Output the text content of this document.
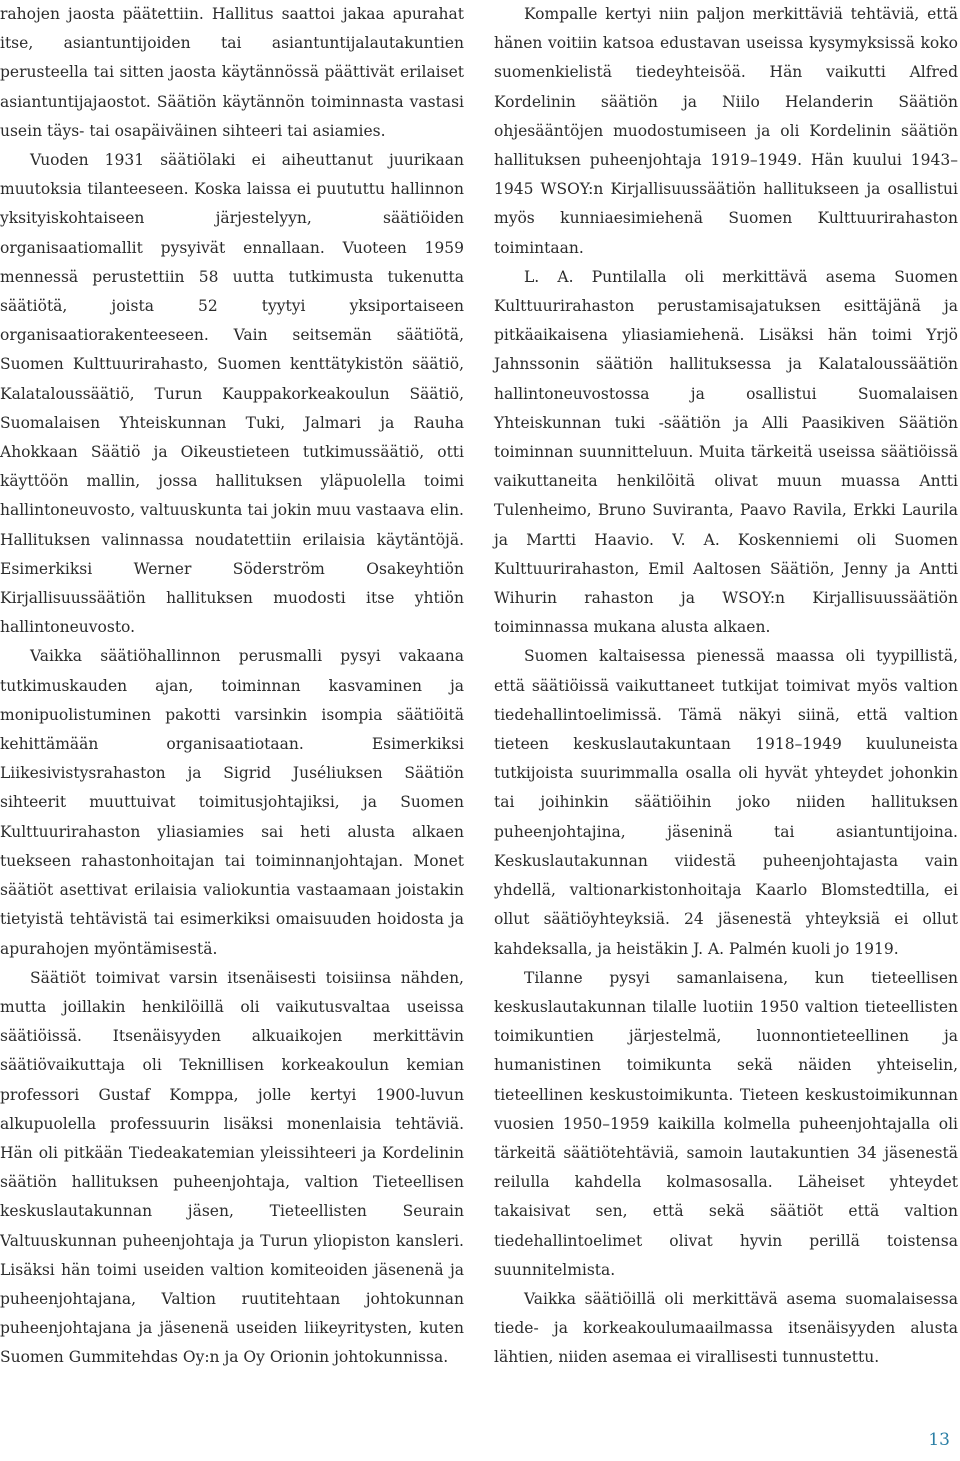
rahojen jaosta päätettiin. Hallitus saattoi jakaa apurahat itse, asiantuntijoiden tai asiantuntijalautakuntien perusteella tai sitten jaosta käytännössä päättivät erilaiset asiantuntijajaostot. Säätiön käytännön toiminnasta vastasi usein täys- tai osapäiväinen sihteeri tai asiamies.

Vuoden 1931 säätiölaki ei aiheuttanut juurikaan muutoksia tilanteeseen. Koska laissa ei puututtu hallinnon yksityiskohtaiseen järjestelyyn, säätiöiden organisaatiomallit pysyivät ennallaan. Vuoteen 1959 mennessä perustettiin 58 uutta tutkimusta tukenutta säätiötä, joista 52 tyytyi yksiportaiseen organisaatiorakenteeseen. Vain seitsemän säätiötä, Suomen Kulttuurirahasto, Suomen kenttätykistön säätiö, Kalataloussäätiö, Turun Kauppakorkeakoulun Säätiö, Suomalaisen Yhteiskunnan Tuki, Jalmari ja Rauha Ahokkaan Säätiö ja Oikeustieteen tutkimussäätiö, otti käyttöön mallin, jossa hallituksen yläpuolella toimi hallintoneuvosto, valtuuskunta tai jokin muu vastaava elin. Hallituksen valinnassa noudatettiin erilaisia käytäntöjä. Esimerkiksi Werner Söderström Osakeyhtiön Kirjallisuussäätiön hallituksen muodosti itse yhtiön hallintoneuvosto.

Vaikka säätiöhallinnon perusmalli pysyi vakaana tutkimuskauden ajan, toiminnan kasvaminen ja monipuolistuminen pakotti varsinkin isompia säätiöitä kehittämään organisaatiotaan. Esimerkiksi Liikesivistysrahaston ja Sigrid Juséliuksen Säätiön sihteerit muuttuivat toimitusjohtajiksi, ja Suomen Kulttuurirahaston yliasiamies sai heti alusta alkaen tuekseen rahastonhoitajan tai toiminnanjohtajan. Monet säätiöt asettivat erilaisia valiokuntia vastaamaan joistakin tietyistä tehtävistä tai esimerkiksi omaisuuden hoidosta ja apurahojen myöntämisestä.

Säätiöt toimivat varsin itsenäisesti toisiinsa nähden, mutta joillakin henkilöillä oli vaikutusvaltaa useissa säätiöissä. Itsenäisyyden alkuaikojen merkittävin säätiövaikuttaja oli Teknillisen korkeakoulun kemian professori Gustaf Komppa, jolle kertyi 1900-luvun alkupuolella professuurin lisäksi monenlaisia tehtäviä. Hän oli pitkään Tiedeakatemian yleissihteeri ja Kordelinin säätiön hallituksen puheenjohtaja, valtion Tieteellisen keskuslautakunnan jäsen, Tieteellisten Seurain Valtuuskunnan puheenjohtaja ja Turun yliopiston kansleri. Lisäksi hän toimi useiden valtion komiteoiden jäsenenä ja puheenjohtajana, Valtion ruutitehtaan johtokunnan puheenjohtajana ja jäsenenä useiden liikeyritysten, kuten Suomen Gummitehdas Oy:n ja Oy Orionin johtokunnissa.

Kompalle kertyi niin paljon merkittäviä tehtäviä, että hänen voitiin katsoa edustavan useissa kysymyksissä koko suomenkielistä tiedeyhteisöä. Hän vaikutti Alfred Kordelinin säätiön ja Niilo Helanderin Säätiön ohjesääntöjen muodostumiseen ja oli Kordelinin säätiön hallituksen puheenjohtaja 1919–1949. Hän kuului 1943–1945 WSOY:n Kirjallisuussäätiön hallitukseen ja osallistui myös kunniaesimiehenä Suomen Kulttuurirahaston toimintaan.

L. A. Puntilalla oli merkittävä asema Suomen Kulttuurirahaston perustamisajatuksen esittäjänä ja pitkäaikaisena yliasiamiehenä. Lisäksi hän toimi Yrjö Jahnssonin säätiön hallituksessa ja Kalataloussäätiön hallintoneuvostossa ja osallistui Suomalaisen Yhteiskunnan tuki -säätiön ja Alli Paasikiven Säätiön toiminnan suunnitteluun. Muita tärkeitä useissa säätiöissä vaikuttaneita henkilöitä olivat muun muassa Antti Tulenheimo, Bruno Suviranta, Paavo Ravila, Erkki Laurila ja Martti Haavio. V. A. Koskenniemi oli Suomen Kulttuurirahaston, Emil Aaltosen Säätiön, Jenny ja Antti Wihurin rahaston ja WSOY:n Kirjallisuussäätiön toiminnassa mukana alusta alkaen.

Suomen kaltaisessa pienessä maassa oli tyypillistä, että säätiöissä vaikuttaneet tutkijat toimivat myös valtion tiedehallintoelimissä. Tämä näkyi siinä, että valtion tieteen keskuslautakuntaan 1918–1949 kuuluneista tutkijoista suurimmalla osalla oli hyvät yhteydet johonkin tai joihinkin säätiöihin joko niiden hallituksen puheenjohtajina, jäseninä tai asiantuntijoina. Keskuslautakunnan viidestä puheenjohtajasta vain yhdellä, valtionarkistonhoitaja Kaarlo Blomstedtilla, ei ollut säätiöyhteyksiä. 24 jäsenestä yhteyksiä ei ollut kahdeksalla, ja heistäkin J. A. Palmén kuoli jo 1919.

Tilanne pysyi samanlaisena, kun tieteellisen keskuslautakunnan tilalle luotiin 1950 valtion tieteellisten toimikuntien järjestelmä, luonnontieteellinen ja humanistinen toimikunta sekä näiden yhteiselin, tieteellinen keskustoimikunta. Tieteen keskustoimikunnan vuosien 1950–1959 kaikilla kolmella puheenjohtajalla oli tärkeitä säätiötehtäviä, samoin lautakuntien 34 jäsenestä reilulla kahdella kolmasosalla. Läheiset yhteydet takaisivat sen, että sekä säätiöt että valtion tiedehallintoelimet olivat hyvin perillä toistensa suunnitelmista.

Vaikka säätiöillä oli merkittävä asema suomalaisessa tiede- ja korkeakoulumaailmassa itsenäisyyden alusta lähtien, niiden asemaa ei virallisesti tunnustettu.

13
